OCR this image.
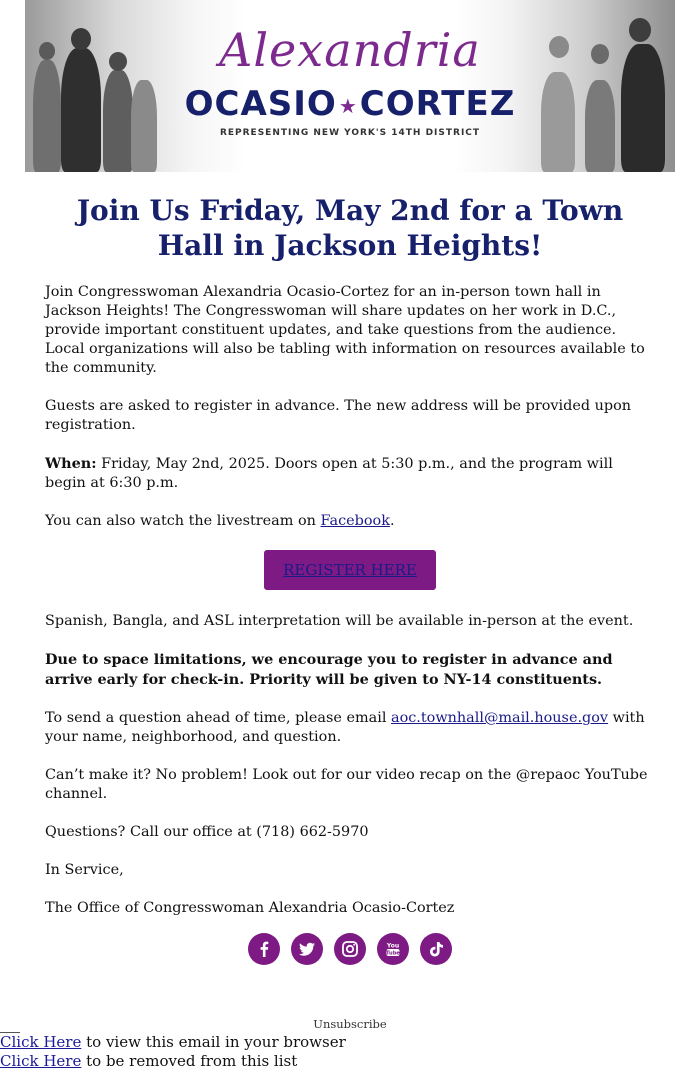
Alexandria
OCASIO ★CORTEZ
REPRESENTING NEW YORK'S 14TH DISTRICT
Join Us Friday, May 2nd for a Town Hall in Jackson Heights!

Join Congresswoman Alexandria Ocasio-Cortez for an in-person town hall in Jackson Heights! The Congresswoman will share updates on her work in D.C., provide important constituent updates, and take questions from the audience. Local organizations will also be tabling with information on resources available to the community.

Guests are asked to register in advance. The new address will be provided upon registration.

When: Friday, May 2nd, 2025. Doors open at 5:30 p.m., and the program will begin at 6:30 p.m.

You can also watch the livestream on Facebook.

REGISTER HERE

Spanish, Bangla, and ASL interpretation will be available in-person at the event.

Due to space limitations, we encourage you to register in advance and arrive early for check-in. Priority will be given to NY-14 constituents.

To send a question ahead of time, please email aoc.townhall@mail.house.gov with your name, neighborhood, and question.

Can’t make it? No problem! Look out for our video recap on the @repaoc YouTube channel.

Questions? Call our office at (718) 662-5970

In Service,

The Office of Congresswoman Alexandria Ocasio-Cortez

You
Tube

Unsubscribe
Click Here to view this email in your browser
Click Here to be removed from this list
